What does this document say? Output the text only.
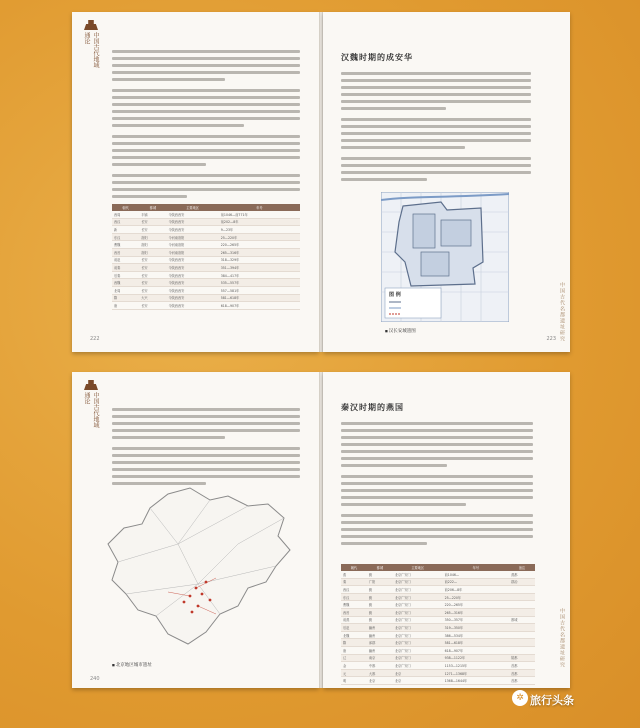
中国古代地域通论
朝代	都城	主要地区	年号
西周	丰镐	今陕西西安	前1046—前771年
西汉	长安	今陕西西安	前202—8年
新	长安	今陕西西安	9—23年
东汉	洛阳	今河南洛阳	25—220年
曹魏	洛阳	今河南洛阳	220—265年
西晋	洛阳	今河南洛阳	265—316年
前赵	长安	今陕西西安	318—329年
前秦	长安	今陕西西安	351—394年
后秦	长安	今陕西西安	384—417年
西魏	长安	今陕西西安	535—557年
北周	长安	今陕西西安	557—581年
隋	大兴	今陕西西安	581—618年
唐	长安	今陕西西安	618—907年
222
汉魏时期的成安华
图 例
■ 汉长安城遗图	中国古代名都遗址研究
223
中国古代地域通论
■ 北京地区城市遗址
240
秦汉时期的燕国
朝代	都城	主要地区	年号	备注
燕	蓟	北京广安门	前1046—	燕都
秦	广阳	北京广安门	前222—	郡治
西汉	蓟	北京广安门	前206—8年	
东汉	蓟	北京广安门	25—220年	
曹魏	蓟	北京广安门	220—265年	
西晋	蓟	北京广安门	265—316年	
前燕	蓟	北京广安门	350—357年	都城
后赵	幽州	北京广安门	319—350年	
北魏	幽州	北京广安门	386—534年	
隋	涿郡	北京广安门	581—618年	
唐	幽州	北京广安门	618—907年	
辽	南京	北京广安门	938—1122年	陪都
金	中都	北京广安门	1153—1215年	首都
元	大都	北京	1271—1368年	首都
明	北京	北京	1368—1644年	首都
中国古代名都遗址研究
✲ 旅行头条
